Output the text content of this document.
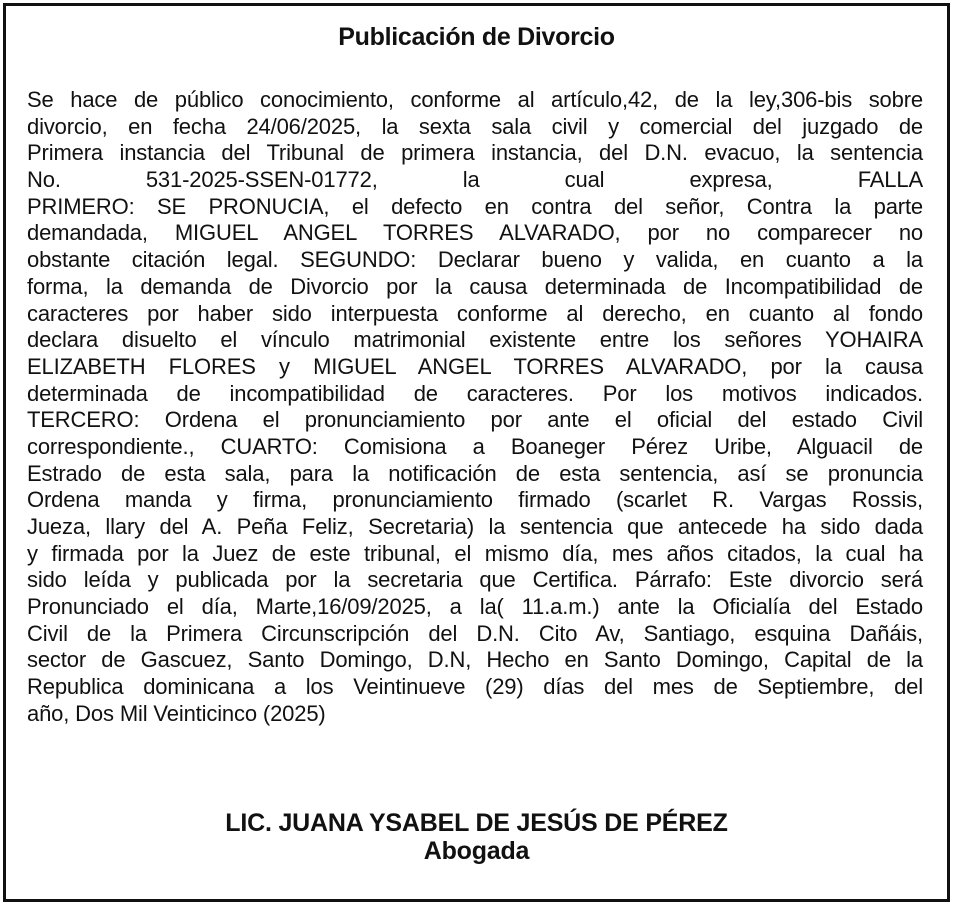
Publicación de Divorcio
Se hace de público conocimiento, conforme al artículo,42, de la ley,306-bis sobre
divorcio, en fecha 24/06/2025, la sexta sala civil y comercial del juzgado de
Primera instancia del Tribunal de primera instancia, del D.N. evacuo, la sentencia
No. 531-2025-SSEN-01772, la cual expresa, FALLA
PRIMERO: SE PRONUCIA, el defecto en contra del señor, Contra la parte
demandada, MIGUEL ANGEL TORRES ALVARADO, por no comparecer no
obstante citación legal. SEGUNDO: Declarar bueno y valida, en cuanto a la
forma, la demanda de Divorcio por la causa determinada de Incompatibilidad de
caracteres por haber sido interpuesta conforme al derecho, en cuanto al fondo
declara disuelto el vínculo matrimonial existente entre los señores YOHAIRA
ELIZABETH FLORES y MIGUEL ANGEL TORRES ALVARADO, por la causa
determinada de incompatibilidad de caracteres. Por los motivos indicados.
TERCERO: Ordena el pronunciamiento por ante el oficial del estado Civil
correspondiente., CUARTO: Comisiona a Boaneger Pérez Uribe, Alguacil de
Estrado de esta sala, para la notificación de esta sentencia, así se pronuncia
Ordena manda y firma, pronunciamiento firmado (scarlet R. Vargas Rossis,
Jueza, llary del A. Peña Feliz, Secretaria) la sentencia que antecede ha sido dada
y firmada por la Juez de este tribunal, el mismo día, mes años citados, la cual ha
sido leída y publicada por la secretaria que Certifica. Párrafo: Este divorcio será
Pronunciado el día, Marte,16/09/2025, a la( 11.a.m.) ante la Oficialía del Estado
Civil de la Primera Circunscripción del D.N. Cito Av, Santiago, esquina Dañáis,
sector de Gascuez, Santo Domingo, D.N, Hecho en Santo Domingo, Capital de la
Republica dominicana a los Veintinueve (29) días del mes de Septiembre, del
año, Dos Mil Veinticinco (2025)
LIC. JUANA YSABEL DE JESÚS DE PÉREZ
Abogada
